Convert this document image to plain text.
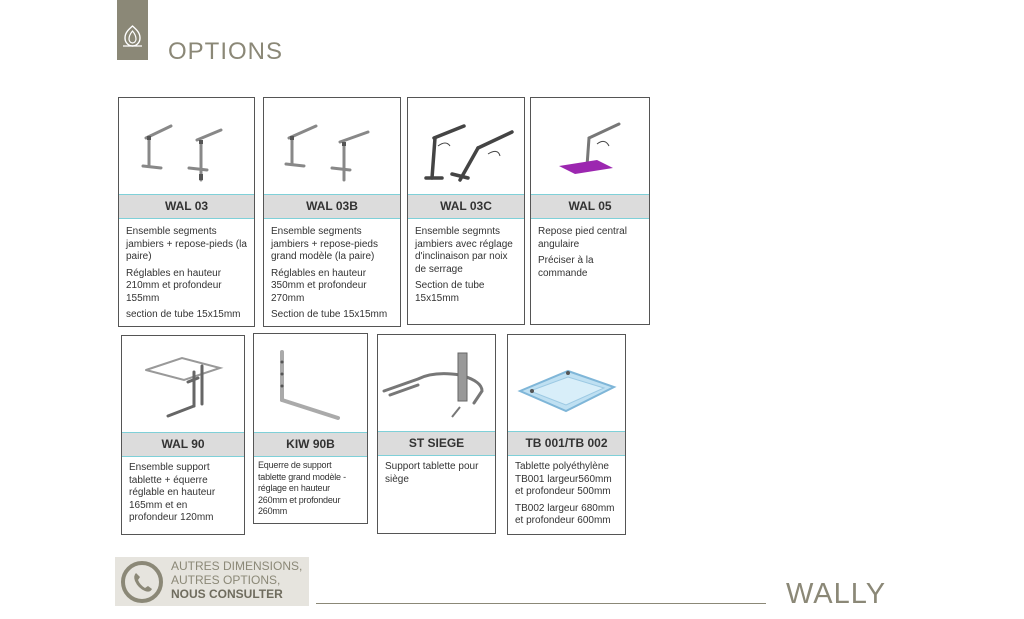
OPTIONS
WAL 03

Ensemble segments jambiers + repose-pieds (la paire)

Réglables en hauteur 210mm et profondeur 155mm

section de tube 15x15mm

WAL 03B

Ensemble segments jambiers + repose-pieds grand modèle (la paire)

Réglables en hauteur 350mm et profondeur 270mm

Section de tube 15x15mm

WAL 03C

Ensemble segmnts jambiers avec réglage d'inclinaison par noix de serrage

Section de tube 15x15mm

WAL 05

Repose pied central angulaire

Préciser à la commande

WAL 90

Ensemble support tablette + équerre réglable en hauteur 165mm et en profondeur 120mm

KIW 90B

Equerre de support tablette grand modèle -réglage en hauteur 260mm et profondeur 260mm

ST SIEGE

Support tablette pour siège

TB 001/TB 002

Tablette polyéthylène TB001 largeur560mm et profondeur 500mm

TB002 largeur 680mm et profondeur 600mm

AUTRES DIMENSIONS,
AUTRES OPTIONS,
NOUS CONSULTER	WALLY
